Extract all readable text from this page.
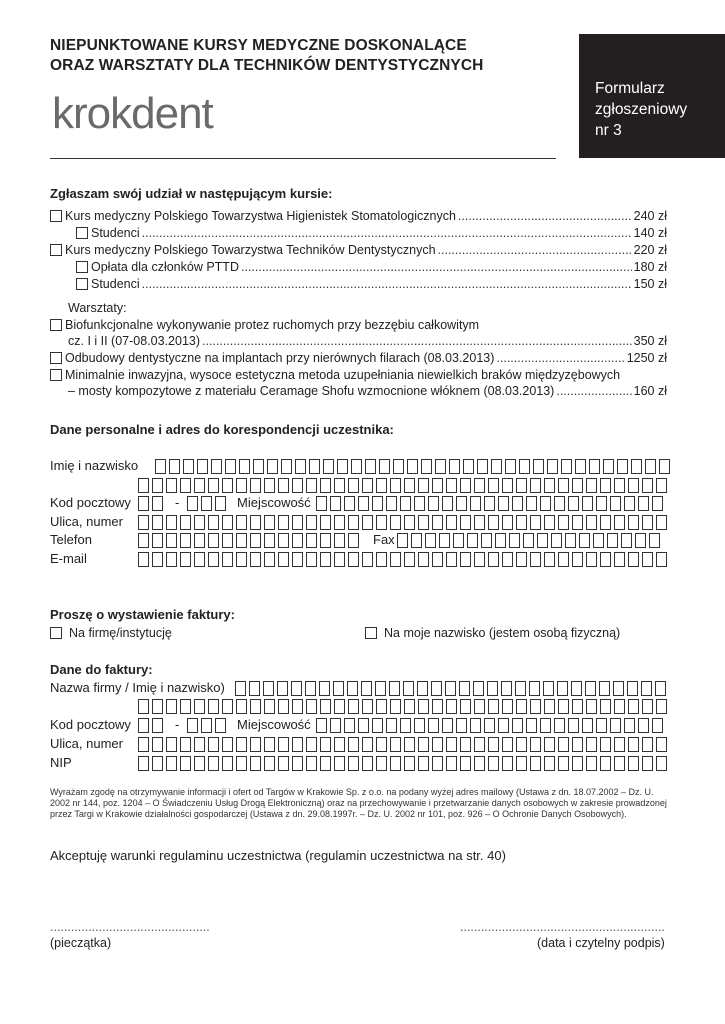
NIEPUNKTOWANE KURSY MEDYCZNE DOSKONALĄCE
ORAZ WARSZTATY DLA TECHNIKÓW DENTYSTYCZNYCH
krokdent
Formularz
zgłoszeniowy
nr 3
Zgłaszam swój udział w następującym kursie:
Kurs medyczny Polskiego Towarzystwa Higienistek Stomatologicznych .....	240 zł
Studenci .....	140 zł
Kurs medyczny Polskiego Towarzystwa Techników Dentystycznych .....	220 zł
Opłata dla członków PTTD .....	180 zł
Studenci .....	150 zł
Warsztaty:
Biofunkcjonalne wykonywanie protez ruchomych przy bezzębiu całkowitym
cz. I i II (07-08.03.2013) .....	350 zł
Odbudowy dentystyczne na implantach przy nierównych filarach (08.03.2013) .....	1250 zł
Minimalnie inwazyjna, wysoce estetyczna metoda uzupełniania niewielkich braków międzyzębowych
– mosty kompozytowe z materiału Ceramage Shofu wzmocnione włóknem (08.03.2013) .....	160 zł
Dane personalne i adres do korespondencji uczestnika:
Imię i nazwisko
Kod pocztowy	-	Miejscowość
Ulica, numer
Telefon	Fax
E-mail
Proszę o wystawienie faktury:
Na firmę/instytucję	Na moje nazwisko (jestem osobą fizyczną)
Dane do faktury:
Nazwa firmy / Imię i nazwisko)
Kod pocztowy	-	Miejscowość
Ulica, numer
NIP
Wyrażam zgodę na otrzymywanie informacji i ofert od Targów w Krakowie Sp. z o.o. na podany wyżej adres mailowy (Ustawa z dn. 18.07.2002 – Dz. U. 2002 nr 144, poz. 1204 – O Świadczeniu Usług Drogą Elektroniczną) oraz na przechowywanie i przetwarzanie danych osobowych w zakresie prowadzonej przez Targi w Krakowie działalności gospodarczej (Ustawa z dn. 29.08.1997r. – Dz. U. 2002 nr 101, poz. 926 – O Ochronie Danych Osobowych).
Akceptuję warunki regulaminu uczestnictwa (regulamin uczestnictwa na str. 40)
..............................................	...........................................................
(pieczątka)	(data i czytelny podpis)
